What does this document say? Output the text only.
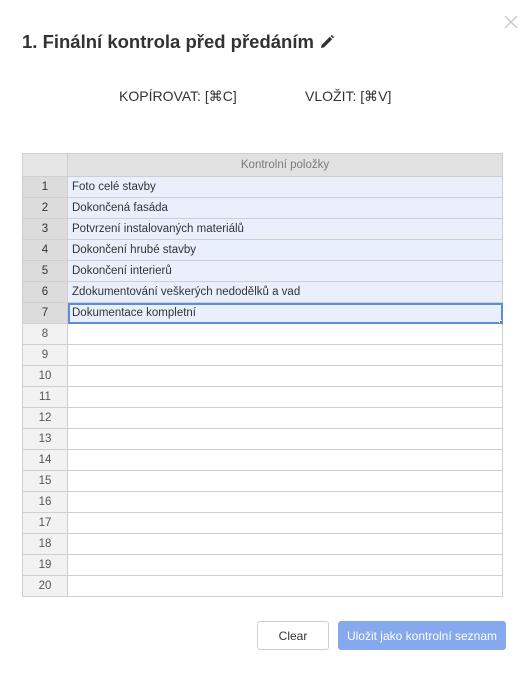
1. Finální kontrola před předáním
KOPÍROVAT: [⌘C]	VLOŽIT: [⌘V]
	Kontrolní položky
1	Foto celé stavby
2	Dokončená fasáda
3	Potvrzení instalovaných materiálů
4	Dokončení hrubé stavby
5	Dokončení interierů
6	Zdokumentování veškerých nedodělků a vad
7	Dokumentace kompletní

8	
9	
10	
11	
12	
13	
14	
15	
16	
17	
18	
19	
20	
Clear	Uložit jako kontrolní seznam
